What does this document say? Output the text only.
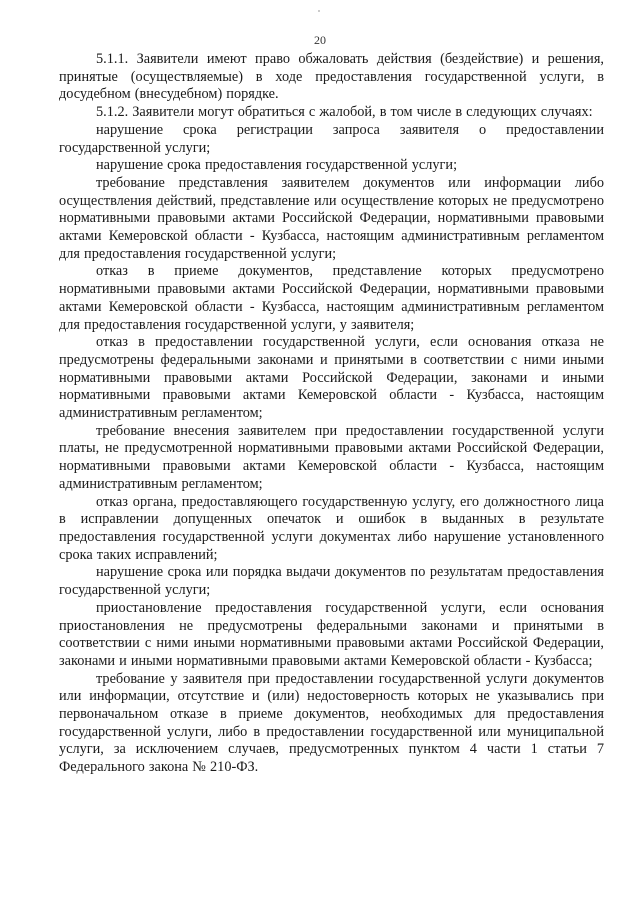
20

5.1.1. Заявители имеют право обжаловать действия (бездействие) и решения, принятые (осуществляемые) в ходе предоставления государственной услуги, в досудебном (внесудебном) порядке.

5.1.2. Заявители могут обратиться с жалобой, в том числе в следующих случаях:

нарушение срока регистрации запроса заявителя о предоставлении государственной услуги;

нарушение срока предоставления государственной услуги;

требование представления заявителем документов или информации либо осуществления действий, представление или осуществление которых не предусмотрено нормативными правовыми актами Российской Федерации, нормативными правовыми актами Кемеровской области - Кузбасса, настоящим административным регламентом для предоставления государственной услуги;

отказ в приеме документов, представление которых предусмотрено нормативными правовыми актами Российской Федерации, нормативными правовыми актами Кемеровской области - Кузбасса, настоящим административным регламентом для предоставления государственной услуги, у заявителя;

отказ в предоставлении государственной услуги, если основания отказа не предусмотрены федеральными законами и принятыми в соответствии с ними иными нормативными правовыми актами Российской Федерации, законами и иными нормативными правовыми актами Кемеровской области - Кузбасса, настоящим административным регламентом;

требование внесения заявителем при предоставлении государственной услуги платы, не предусмотренной нормативными правовыми актами Российской Федерации, нормативными правовыми актами Кемеровской области - Кузбасса, настоящим административным регламентом;

отказ органа, предоставляющего государственную услугу, его должностного лица в исправлении допущенных опечаток и ошибок в выданных в результате предоставления государственной услуги документах либо нарушение установленного срока таких исправлений;

нарушение срока или порядка выдачи документов по результатам предоставления государственной услуги;

приостановление предоставления государственной услуги, если основания приостановления не предусмотрены федеральными законами и принятыми в соответствии с ними иными нормативными правовыми актами Российской Федерации, законами и иными нормативными правовыми актами Кемеровской области - Кузбасса;

требование у заявителя при предоставлении государственной услуги документов или информации, отсутствие и (или) недостоверность которых не указывались при первоначальном отказе в приеме документов, необходимых для предоставления государственной услуги, либо в предоставлении государственной или муниципальной услуги, за исключением случаев, предусмотренных пунктом 4 части 1 статьи 7 Федерального закона № 210-ФЗ.
